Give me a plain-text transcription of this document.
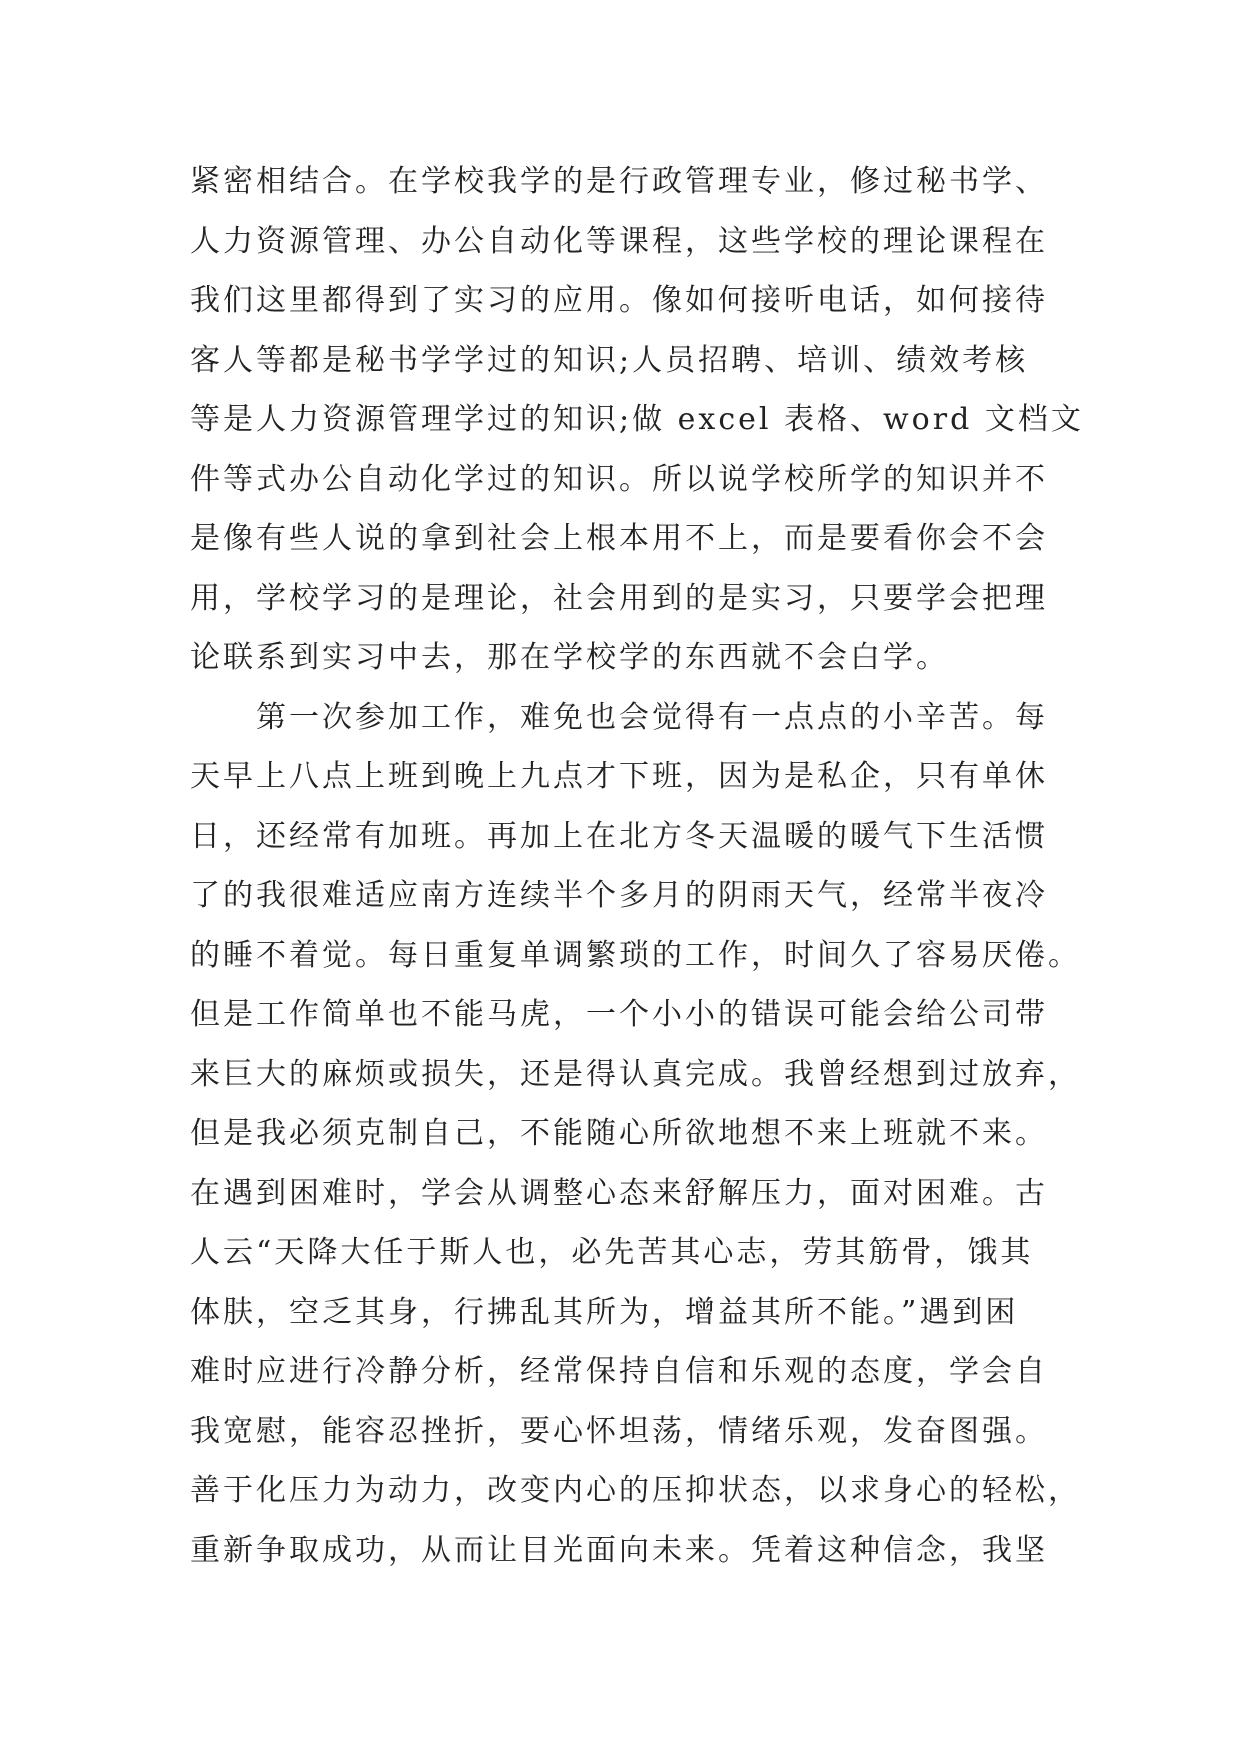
紧密相结合。在学校我学的是行政管理专业，修过秘书学、
人力资源管理、办公自动化等课程，这些学校的理论课程在
我们这里都得到了实习的应用。像如何接听电话，如何接待
客人等都是秘书学学过的知识;人员招聘、培训、绩效考核
等是人力资源管理学过的知识;做 excel 表格、word 文档文
件等式办公自动化学过的知识。所以说学校所学的知识并不
是像有些人说的拿到社会上根本用不上，而是要看你会不会
用，学校学习的是理论，社会用到的是实习，只要学会把理
论联系到实习中去，那在学校学的东西就不会白学。
第一次参加工作，难免也会觉得有一点点的小辛苦。每
天早上八点上班到晚上九点才下班，因为是私企，只有单休
日，还经常有加班。再加上在北方冬天温暖的暖气下生活惯
了的我很难适应南方连续半个多月的阴雨天气，经常半夜冷
的睡不着觉。每日重复单调繁琐的工作，时间久了容易厌倦。
但是工作简单也不能马虎，一个小小的错误可能会给公司带
来巨大的麻烦或损失，还是得认真完成。我曾经想到过放弃，
但是我必须克制自己，不能随心所欲地想不来上班就不来。
在遇到困难时，学会从调整心态来舒解压力，面对困难。古
人云“天降大任于斯人也，必先苦其心志，劳其筋骨，饿其
体肤，空乏其身，行拂乱其所为，增益其所不能。”遇到困
难时应进行冷静分析，经常保持自信和乐观的态度，学会自
我宽慰，能容忍挫折，要心怀坦荡，情绪乐观，发奋图强。
善于化压力为动力，改变内心的压抑状态，以求身心的轻松，
重新争取成功，从而让目光面向未来。凭着这种信念，我坚
